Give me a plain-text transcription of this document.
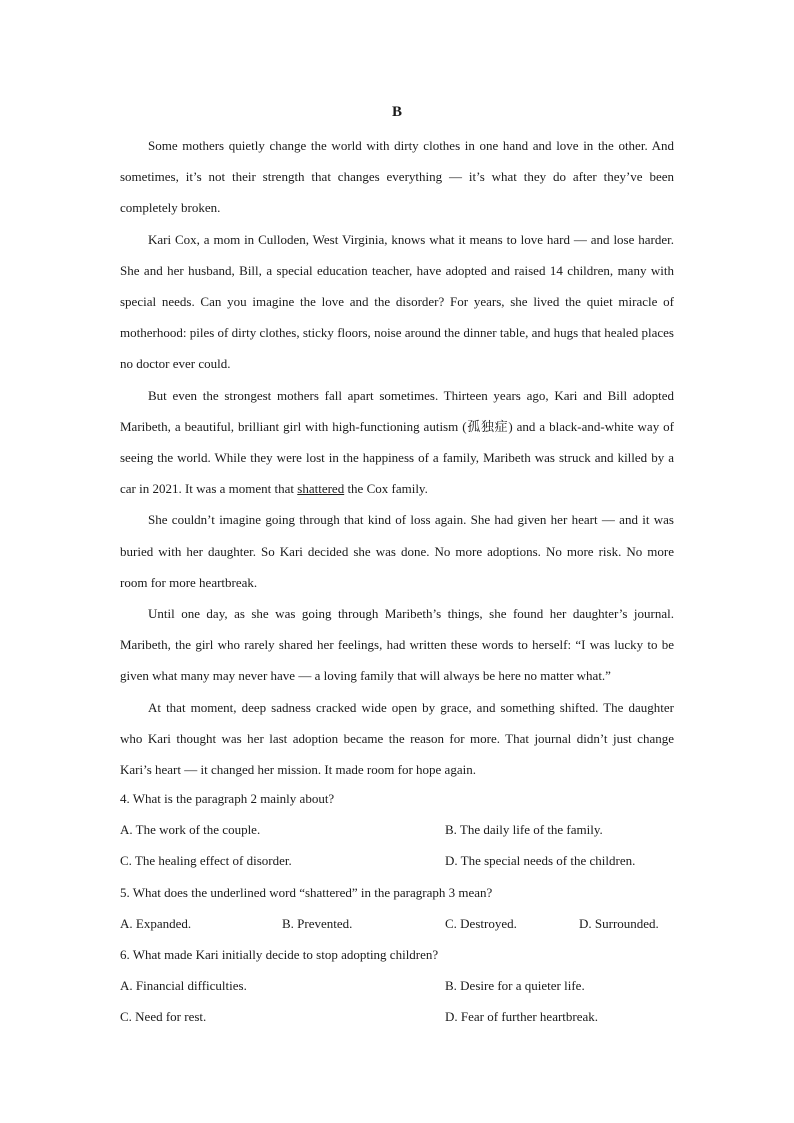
B

Some mothers quietly change the world with dirty clothes in one hand and love in the other. And sometimes, it’s not their strength that changes everything — it’s what they do after they’ve been completely broken.

Kari Cox, a mom in Culloden, West Virginia, knows what it means to love hard — and lose harder. She and her husband, Bill, a special education teacher, have adopted and raised 14 children, many with special needs. Can you imagine the love and the disorder? For years, she lived the quiet miracle of motherhood: piles of dirty clothes, sticky floors, noise around the dinner table, and hugs that healed places no doctor ever could.

But even the strongest mothers fall apart sometimes. Thirteen years ago, Kari and Bill adopted Maribeth, a beautiful, brilliant girl with high-functioning autism (孤独症) and a black-and-white way of seeing the world. While they were lost in the happiness of a family, Maribeth was struck and killed by a car in 2021. It was a moment that shattered the Cox family.

She couldn’t imagine going through that kind of loss again. She had given her heart — and it was buried with her daughter. So Kari decided she was done. No more adoptions. No more risk. No more room for more heartbreak.

Until one day, as she was going through Maribeth’s things, she found her daughter’s journal. Maribeth, the girl who rarely shared her feelings, had written these words to herself: “I was lucky to be given what many may never have — a loving family that will always be here no matter what.”

At that moment, deep sadness cracked wide open by grace, and something shifted. The daughter who Kari thought was her last adoption became the reason for more. That journal didn’t just change Kari’s heart — it changed her mission. It made room for hope again.

4. What is the paragraph 2 mainly about?
A. The work of the couple.	B. The daily life of the family.
C. The healing effect of disorder.	D. The special needs of the children.
5. What does the underlined word “shattered” in the paragraph 3 mean?
A. Expanded.	B. Prevented.	C. Destroyed.	D. Surrounded.
6. What made Kari initially decide to stop adopting children?
A. Financial difficulties.	B. Desire for a quieter life.
C. Need for rest.	D. Fear of further heartbreak.
